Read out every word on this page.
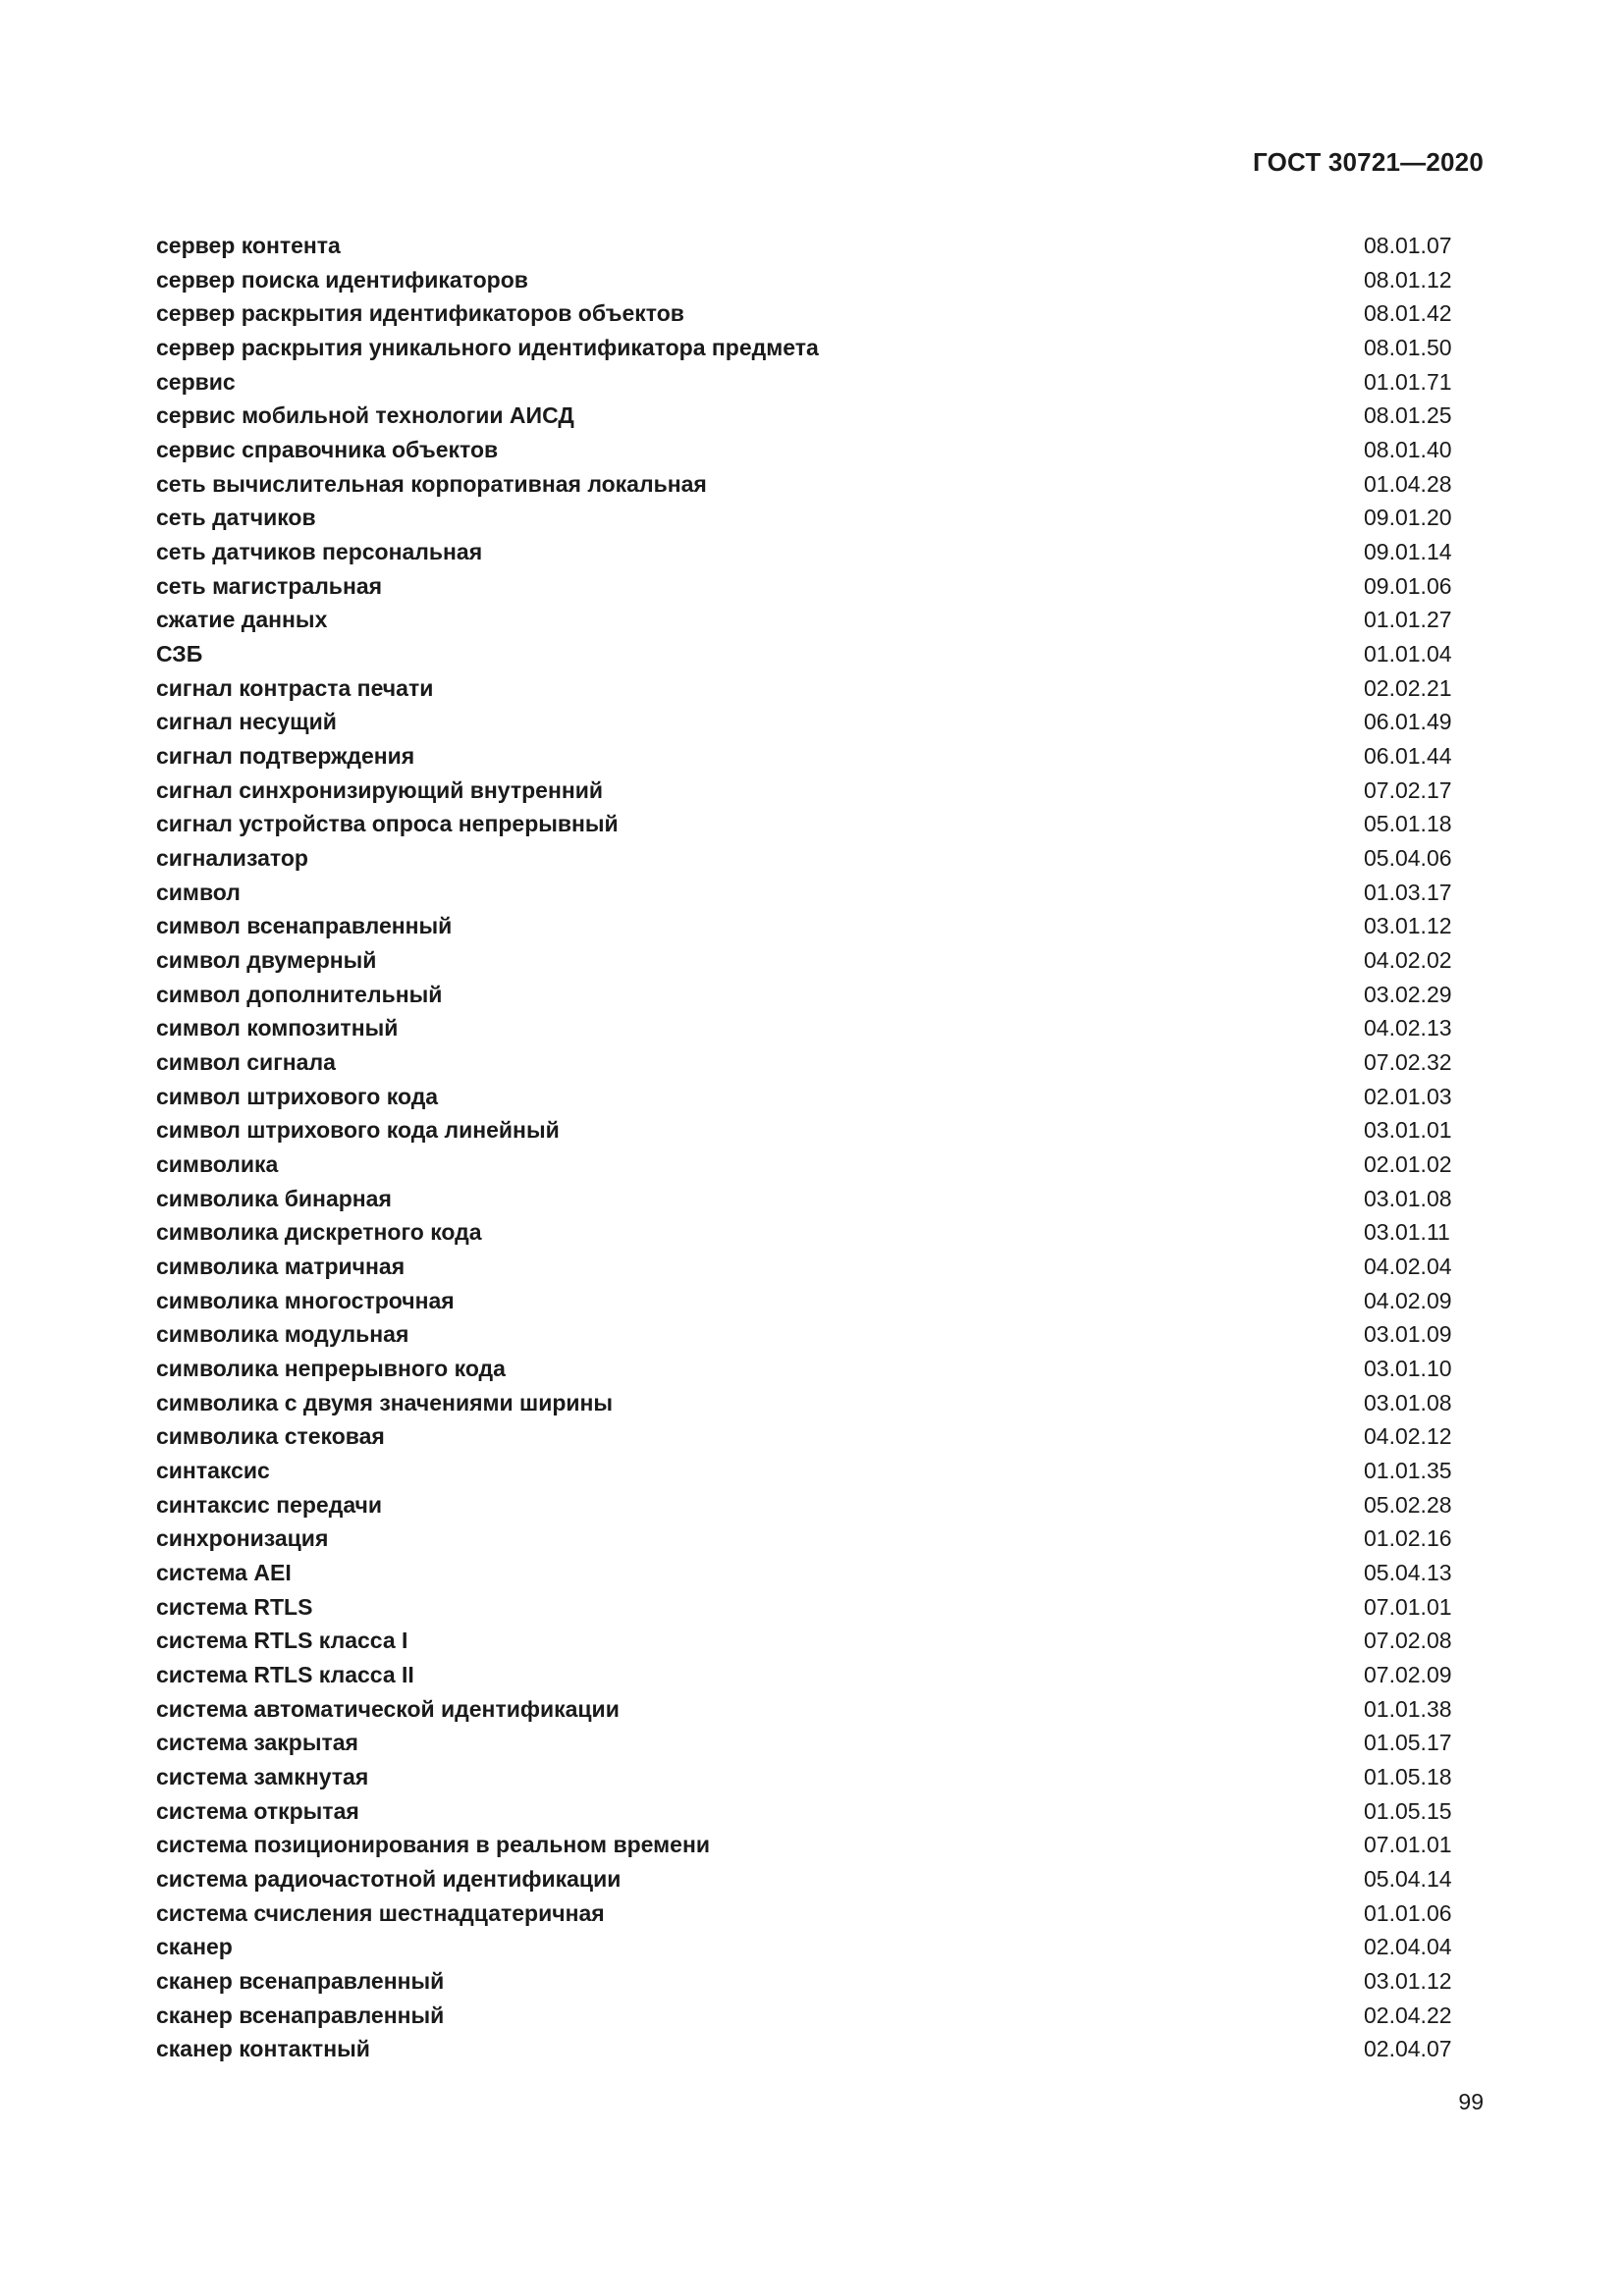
ГОСТ 30721—2020
сервер контента	08.01.07
сервер поиска идентификаторов	08.01.12
сервер раскрытия идентификаторов объектов	08.01.42
сервер раскрытия уникального идентификатора предмета	08.01.50
сервис	01.01.71
сервис мобильной технологии АИСД	08.01.25
сервис справочника объектов	08.01.40
сеть вычислительная корпоративная локальная	01.04.28
сеть датчиков	09.01.20
сеть датчиков персональная	09.01.14
сеть магистральная	09.01.06
сжатие данных	01.01.27
СЗБ	01.01.04
сигнал контраста печати	02.02.21
сигнал несущий	06.01.49
сигнал подтверждения	06.01.44
сигнал синхронизирующий внутренний	07.02.17
сигнал устройства опроса непрерывный	05.01.18
сигнализатор	05.04.06
символ	01.03.17
символ всенаправленный	03.01.12
символ двумерный	04.02.02
символ дополнительный	03.02.29
символ композитный	04.02.13
символ сигнала	07.02.32
символ штрихового кода	02.01.03
символ штрихового кода линейный	03.01.01
символика	02.01.02
символика бинарная	03.01.08
символика дискретного кода	03.01.11
символика матричная	04.02.04
символика многострочная	04.02.09
символика модульная	03.01.09
символика непрерывного кода	03.01.10
символика с двумя значениями ширины	03.01.08
символика стековая	04.02.12
синтаксис	01.01.35
синтаксис передачи	05.02.28
синхронизация	01.02.16
система AEI	05.04.13
система RTLS	07.01.01
система RTLS класса I	07.02.08
система RTLS класса II	07.02.09
система автоматической идентификации	01.01.38
система закрытая	01.05.17
система замкнутая	01.05.18
система открытая	01.05.15
система позиционирования в реальном времени	07.01.01
система радиочастотной идентификации	05.04.14
система счисления шестнадцатеричная	01.01.06
сканер	02.04.04
сканер всенаправленный	03.01.12
сканер всенаправленный	02.04.22
сканер контактный	02.04.07
99
